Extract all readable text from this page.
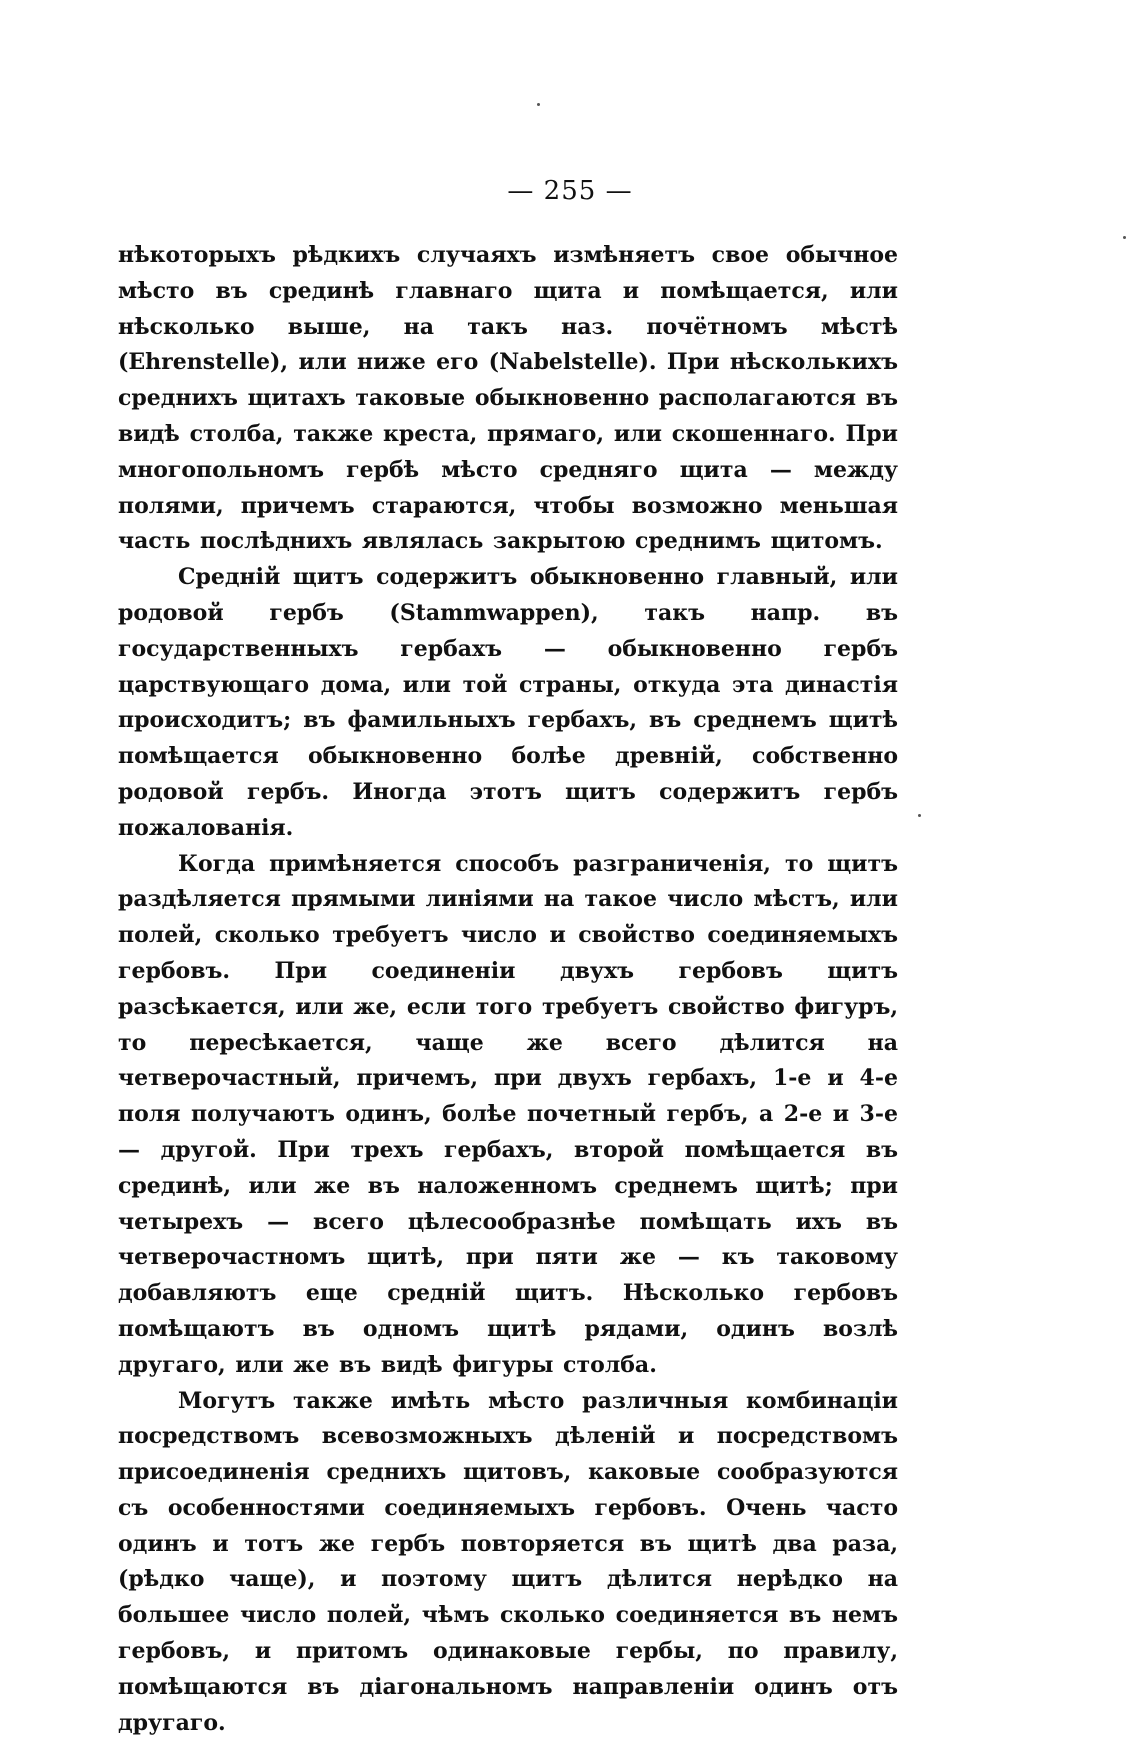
— 255 —

нѣкоторыхъ рѣдкихъ случаяхъ измѣняетъ свое обычное мѣсто въ срединѣ главнаго щита и помѣщается, или нѣсколько выше, на такъ наз. почётномъ мѣстѣ (Ehrenstelle), или ниже его (Nabelstelle). При нѣсколькихъ среднихъ щитахъ таковые обыкновенно располагаются въ видѣ столба, также креста, прямаго, или скошеннаго. При многопольномъ гербѣ мѣсто средняго щита — между полями, причемъ стараются, чтобы возможно меньшая часть послѣднихъ являлась закрытою среднимъ щитомъ.

Средній щитъ содержитъ обыкновенно главный, или родовой гербъ (Stammwappen), такъ напр. въ государственныхъ гербахъ — обыкновенно гербъ царствующаго дома, или той страны, откуда эта династія происходитъ; въ фамильныхъ гербахъ, въ среднемъ щитѣ помѣщается обыкновенно болѣе древній, собственно родовой гербъ. Иногда этотъ щитъ содержитъ гербъ пожалованія.

Когда примѣняется способъ разграниченія, то щитъ раздѣляется прямыми линіями на такое число мѣстъ, или полей, сколько требуетъ число и свойство соединяемыхъ гербовъ. При соединеніи двухъ гербовъ щитъ разсѣкается, или же, если того требуетъ свойство фигуръ, то пересѣкается, чаще же всего дѣлится на четверочастный, причемъ, при двухъ гербахъ, 1-е и 4-е поля получаютъ одинъ, болѣе почетный гербъ, а 2-е и 3-е — другой. При трехъ гербахъ, второй помѣщается въ срединѣ, или же въ наложенномъ среднемъ щитѣ; при четырехъ — всего цѣлесообразнѣе помѣщать ихъ въ четверочастномъ щитѣ, при пяти же — къ таковому добавляютъ еще средній щитъ. Нѣсколько гербовъ помѣщаютъ въ одномъ щитѣ рядами, одинъ возлѣ другаго, или же въ видѣ фигуры столба.

Могутъ также имѣть мѣсто различныя комбинаціи посредствомъ всевозможныхъ дѣленій и посредствомъ присоединенія среднихъ щитовъ, каковые сообразуются съ особенностями соединяемыхъ гербовъ. Очень часто одинъ и тотъ же гербъ повторяется въ щитѣ два раза, (рѣдко чаще), и поэтому щитъ дѣлится нерѣдко на большее число полей, чѣмъ сколько соединяется въ немъ гербовъ, и притомъ одинаковые гербы, по правилу, помѣщаются въ діагональномъ направленіи одинъ отъ другаго.
